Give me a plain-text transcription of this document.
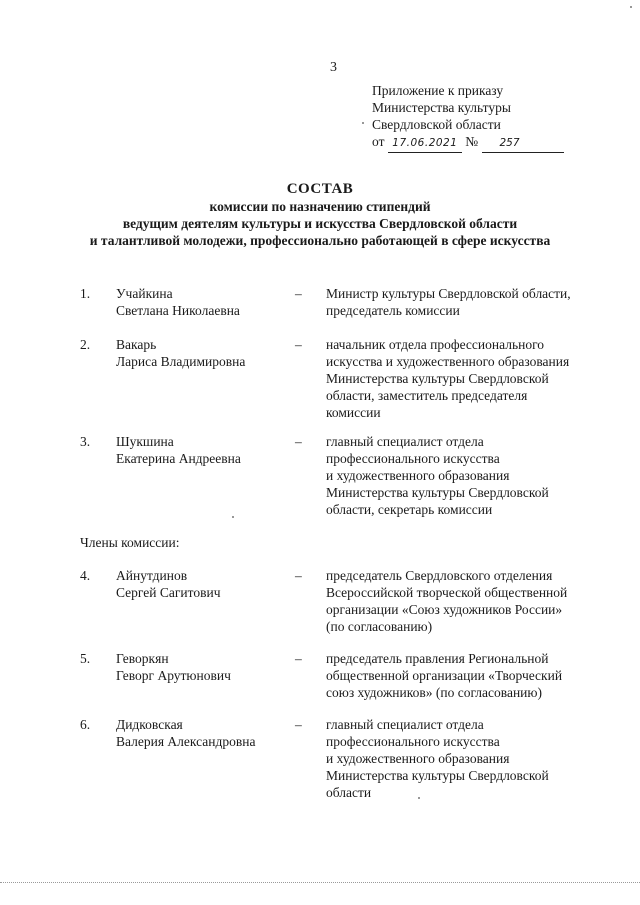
3
Приложение к приказу
Министерства культуры
Свердловской области
от 17.06.2021 № 257
СОСТАВ
комиссии по назначению стипендий
ведущим деятелям культуры и искусства Свердловской области
и талантливой молодежи, профессионально работающей в сфере искусства
1. Учайкина
Светлана Николаевна
– Министр культуры Свердловской области,
председатель комиссии
2. Вакарь
Лариса Владимировна
– начальник отдела профессионального
искусства и художественного образования
Министерства культуры Свердловской
области, заместитель председателя
комиссии
3. Шукшина
Екатерина Андреевна
– главный специалист отдела
профессионального искусства
и художественного образования
Министерства культуры Свердловской
области, секретарь комиссии
Члены комиссии:
4. Айнутдинов
Сергей Сагитович
– председатель Свердловского отделения
Всероссийской творческой общественной
организации «Союз художников России»
(по согласованию)
5. Геворкян
Геворг Арутюнович
– председатель правления Региональной
общественной организации «Творческий
союз художников» (по согласованию)
6. Дидковская
Валерия Александровна
– главный специалист отдела
профессионального искусства
и художественного образования
Министерства культуры Свердловской
области
